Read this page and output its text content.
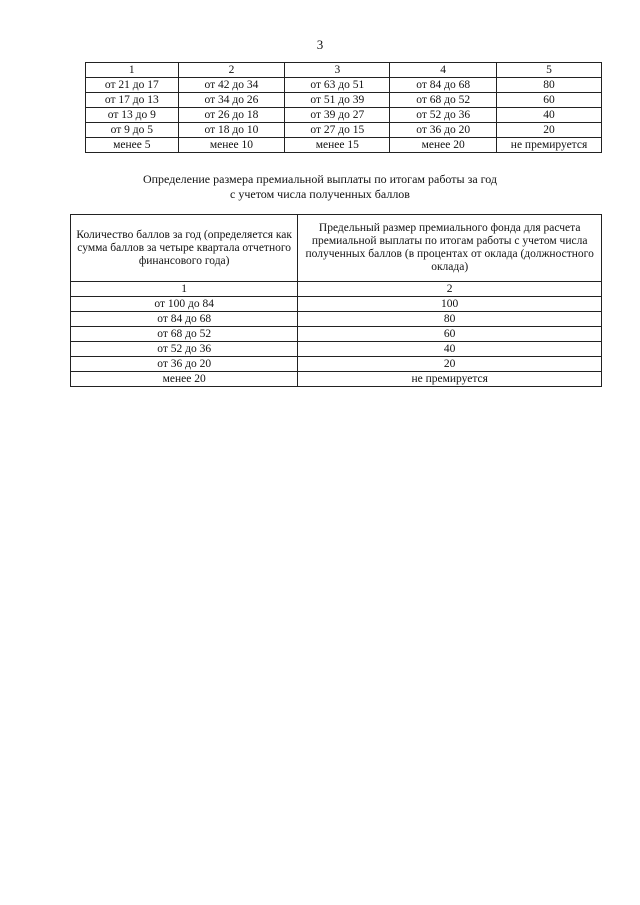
3
1	2	3	4	5
от 21 до 17	от 42 до 34	от 63 до 51	от 84 до 68	80
от 17 до 13	от 34 до 26	от 51 до 39	от 68 до 52	60
от 13 до 9	от 26 до 18	от 39 до 27	от 52 до 36	40
от 9 до 5	от 18 до 10	от 27 до 15	от 36 до 20	20
менее 5	менее 10	менее 15	менее 20	не премируется
Определение размера премиальной выплаты по итогам работы за год
с учетом числа полученных баллов
Количество баллов за год (определяется как сумма баллов за четыре квартала отчетного финансового года)	Предельный размер премиального фонда для расчета премиальной выплаты по итогам работы с учетом числа полученных баллов (в процентах от оклада (должностного оклада)
1	2
от 100 до 84	100
от 84 до 68	80
от 68 до 52	60
от 52 до 36	40
от 36 до 20	20
менее 20	не премируется
